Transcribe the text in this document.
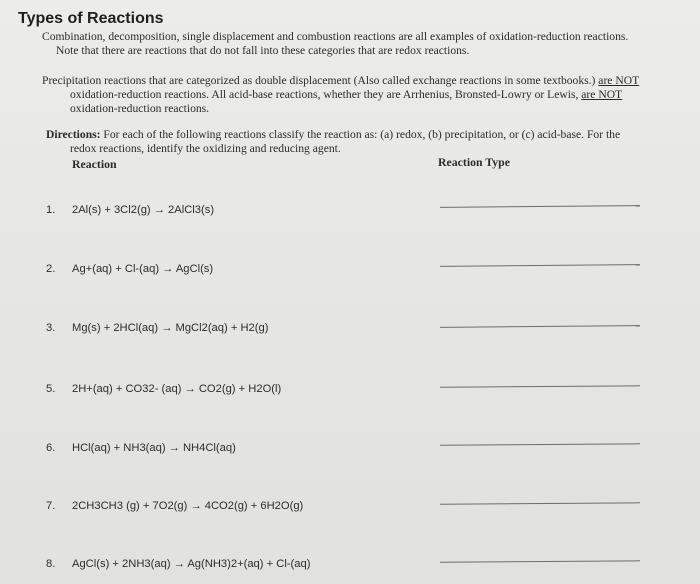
Types of Reactions
Combination, decomposition, single displacement and combustion reactions are all examples of oxidation-reduction reactions.
Note that there are reactions that do not fall into these categories that are redox reactions.
Precipitation reactions that are categorized as double displacement (Also called exchange reactions in some textbooks.) are NOT
oxidation-reduction reactions. All acid-base reactions, whether they are Arrhenius, Bronsted-Lowry or Lewis, are NOT
oxidation-reduction reactions.
Directions: For each of the following reactions classify the reaction as: (a) redox, (b) precipitation, or (c) acid-base. For the
redox reactions, identify the oxidizing and reducing agent.
Reaction	Reaction Type
1. 2Al(s) + 3Cl2(g) → 2AlCl3(s)
2. Ag+(aq) + Cl-(aq) → AgCl(s)
3. Mg(s) + 2HCl(aq) → MgCl2(aq) + H2(g)
5. 2H+(aq) + CO32- (aq) → CO2(g) + H2O(l)
6. HCl(aq) + NH3(aq) → NH4Cl(aq)
7. 2CH3CH3 (g) + 7O2(g) → 4CO2(g) + 6H2O(g)
8. AgCl(s) + 2NH3(aq) → Ag(NH3)2+(aq) + Cl-(aq)
